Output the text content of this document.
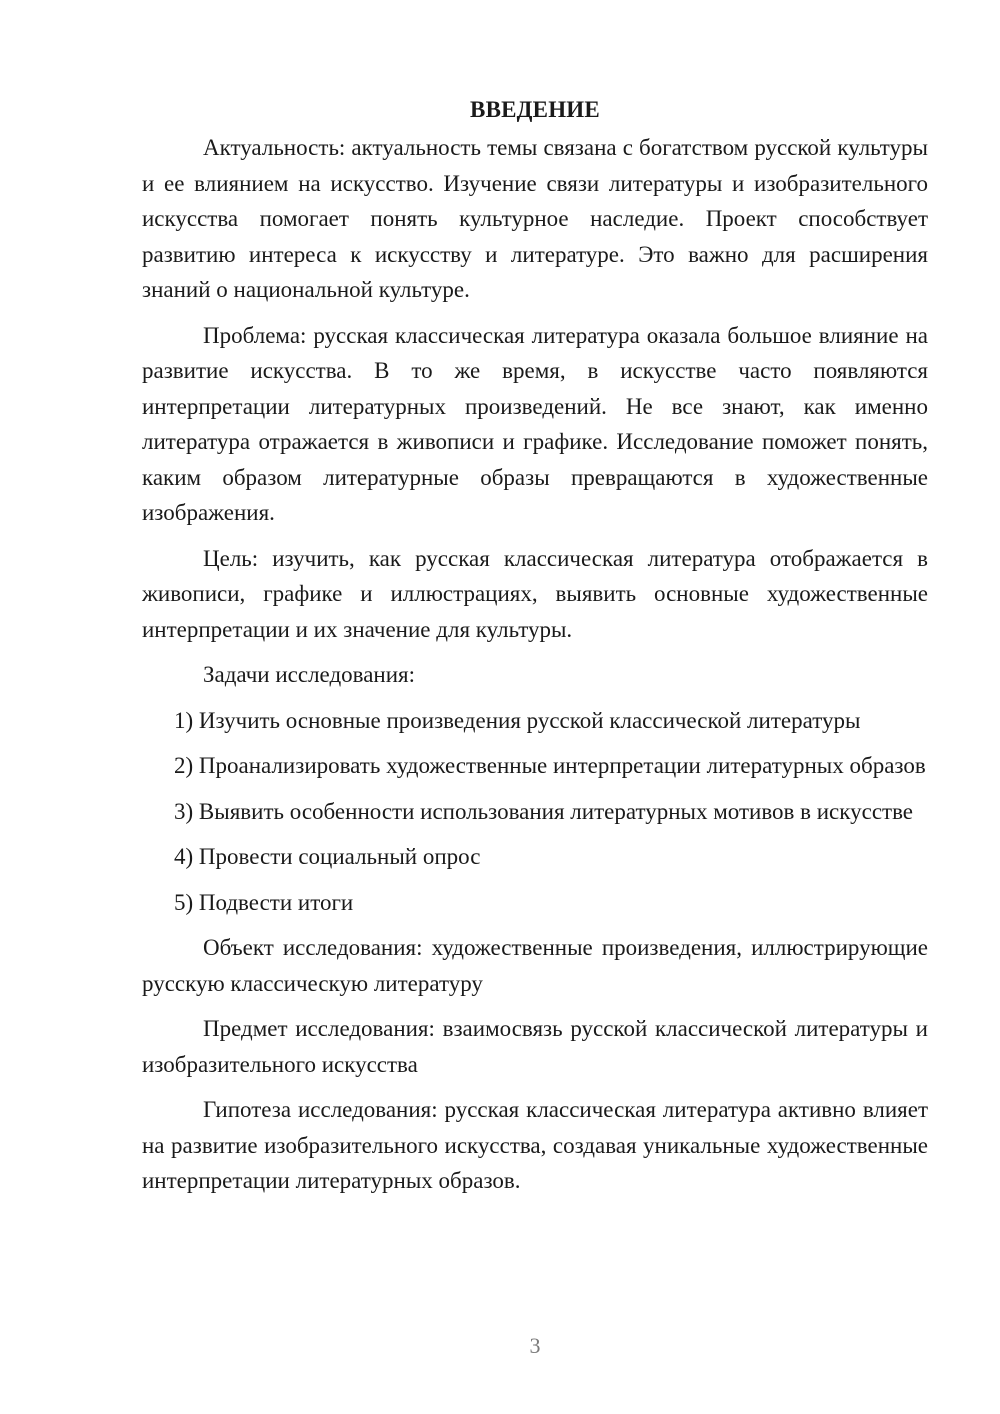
ВВЕДЕНИЕ

Актуальность: актуальность темы связана с богатством русской культуры и ее влиянием на искусство. Изучение связи литературы и изобразительного искусства помогает понять культурное наследие. Проект способствует развитию интереса к искусству и литературе. Это важно для расширения знаний о национальной культуре.

Проблема: русская классическая литература оказала большое влияние на развитие искусства. В то же время, в искусстве часто появляются интерпретации литературных произведений. Не все знают, как именно литература отражается в живописи и графике. Исследование поможет понять, каким образом литературные образы превращаются в художественные изображения.

Цель: изучить, как русская классическая литература отображается в живописи, графике и иллюстрациях, выявить основные художественные интерпретации и их значение для культуры.

Задачи исследования:

1) Изучить основные произведения русской классической литературы

2) Проанализировать художественные интерпретации литературных образов

3) Выявить особенности использования литературных мотивов в искусстве

4) Провести социальный опрос

5) Подвести итоги

Объект исследования: художественные произведения, иллюстрирующие русскую классическую литературу

Предмет исследования: взаимосвязь русской классической литературы и изобразительного искусства

Гипотеза исследования: русская классическая литература активно влияет на развитие изобразительного искусства, создавая уникальные художественные интерпретации литературных образов.

3
